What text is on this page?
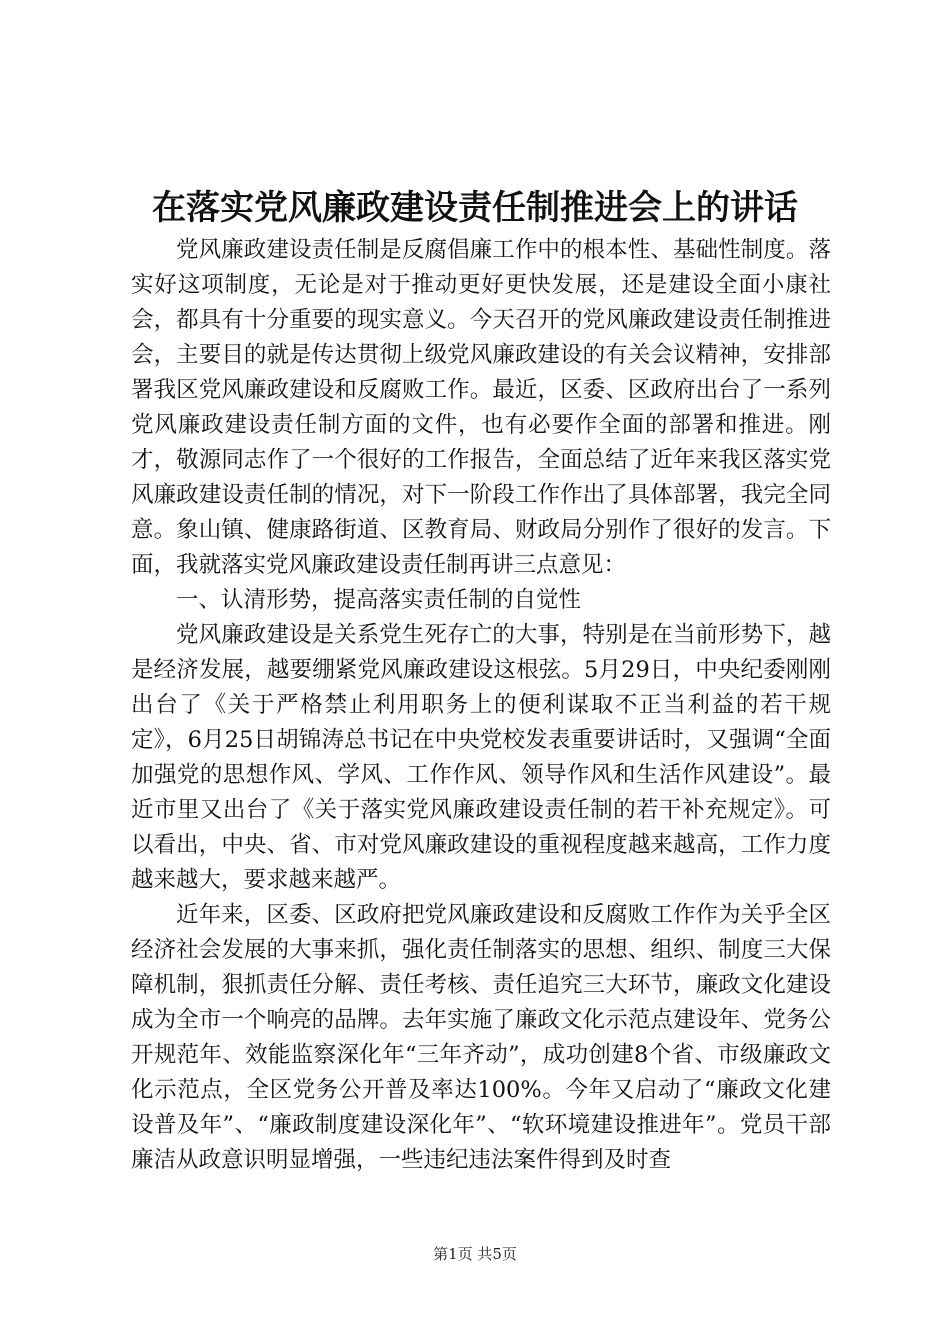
在落实党风廉政建设责任制推进会上的讲话

党风廉政建设责任制是反腐倡廉工作中的根本性、基础性制度。落实好这项制度，无论是对于推动更好更快发展，还是建设全面小康社会，都具有十分重要的现实意义。今天召开的党风廉政建设责任制推进会，主要目的就是传达贯彻上级党风廉政建设的有关会议精神，安排部署我区党风廉政建设和反腐败工作。最近，区委、区政府出台了一系列党风廉政建设责任制方面的文件，也有必要作全面的部署和推进。刚才，敬源同志作了一个很好的工作报告，全面总结了近年来我区落实党风廉政建设责任制的情况，对下一阶段工作作出了具体部署，我完全同意。象山镇、健康路街道、区教育局、财政局分别作了很好的发言。下面，我就落实党风廉政建设责任制再讲三点意见：

一、认清形势，提高落实责任制的自觉性

党风廉政建设是关系党生死存亡的大事，特别是在当前形势下，越是经济发展，越要绷紧党风廉政建设这根弦。5月29日，中央纪委刚刚出台了《关于严格禁止利用职务上的便利谋取不正当利益的若干规定》，6月25日胡锦涛总书记在中央党校发表重要讲话时，又强调“全面加强党的思想作风、学风、工作作风、领导作风和生活作风建设”。最近市里又出台了《关于落实党风廉政建设责任制的若干补充规定》。可以看出，中央、省、市对党风廉政建设的重视程度越来越高，工作力度越来越大，要求越来越严。

近年来，区委、区政府把党风廉政建设和反腐败工作作为关乎全区经济社会发展的大事来抓，强化责任制落实的思想、组织、制度三大保障机制，狠抓责任分解、责任考核、责任追究三大环节，廉政文化建设成为全市一个响亮的品牌。去年实施了廉政文化示范点建设年、党务公开规范年、效能监察深化年“三年齐动”，成功创建8个省、市级廉政文化示范点，全区党务公开普及率达100%。今年又启动了“廉政文化建设普及年”、“廉政制度建设深化年”、“软环境建设推进年”。党员干部廉洁从政意识明显增强，一些违纪违法案件得到及时查

第1页 共5页
